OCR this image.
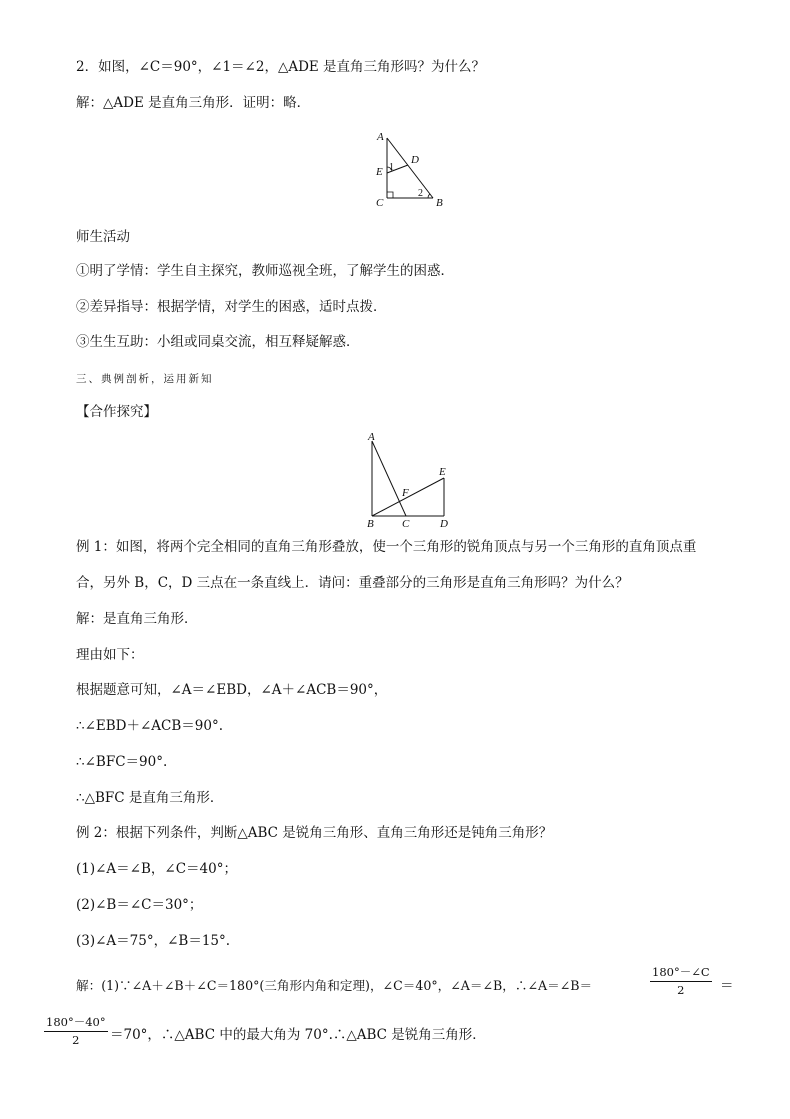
2．如图，∠C＝90°，∠1＝∠2，△ADE 是直角三角形吗？为什么？
解：△ADE 是直角三角形．证明：略．
A
E
D
C	B
1
2
师生活动
①明了学情：学生自主探究，教师巡视全班，了解学生的困惑．
②差异指导：根据学情，对学生的困惑，适时点拨．
③生生互助：小组或同桌交流，相互释疑解惑．
三、典例剖析，运用新知
【合作探究】
A
E
F
B	C	D
例 1：如图，将两个完全相同的直角三角形叠放，使一个三角形的锐角顶点与另一个三角形的直角顶点重
合，另外 B，C，D 三点在一条直线上．请问：重叠部分的三角形是直角三角形吗？为什么？
解：是直角三角形．
理由如下：
根据题意可知，∠A＝∠EBD，∠A＋∠ACB＝90°，
∴∠EBD＋∠ACB＝90°.
∴∠BFC＝90°.
∴△BFC 是直角三角形．
例 2：根据下列条件，判断△ABC 是锐角三角形、直角三角形还是钝角三角形？
(1)∠A＝∠B，∠C＝40°；
(2)∠B＝∠C＝30°；
(3)∠A＝75°，∠B＝15°.
解：(1)∵∠A＋∠B＋∠C＝180°(三角形内角和定理)，∠C＝40°，∠A＝∠B，∴∠A＝∠B＝	$\frac{180^\circ-\angle C}{2}$ ＝
$\frac{180^\circ-40^\circ}{2} =70^\circ$，∴△ABC 中的最大角为 70°.∴△ABC 是锐角三角形．
